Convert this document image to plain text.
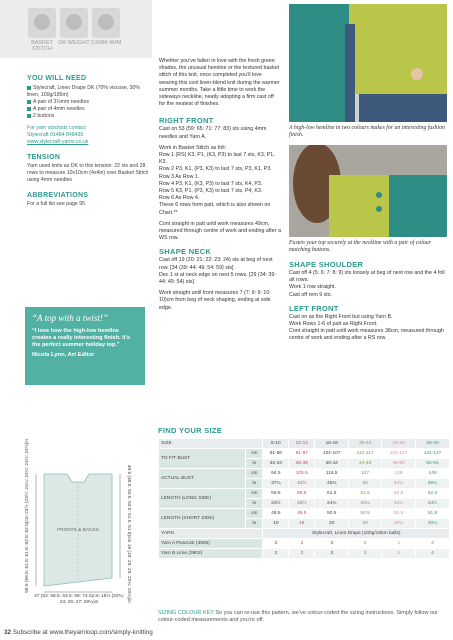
BASKET STITCH
DK WEIGHT 3.5MM 4MM
YOU WILL NEED
Stylecraft, Linen Drape DK (70% viscose, 30% linen, 100g/185m)
A pair of 3½mm needles
A pair of 4mm needles
2 buttons
For yarn stockists contact
Stylecraft 01484 848435
www.stylecraft-yarns.co.uk
TENSION
Yarn used knits as DK to this tension: 22 sts and 28 rows to measure 10x10cm (4x4in) over Basket Stitch using 4mm needles
ABBREVIATIONS
For a full list see page 95
“A top with a twist!”
“I love how the high-low hemline creates a really interesting finish. It’s the perfect summer holiday top.”
Nicola Lynn, Art Editor
FRONTS & BACKS
59.5 (59.5: 61.5: 61.5: 62.5: 62.5)cm 23½ (23½: 24¼: 24¼: 24½: 24½)in	48.5 (48.5: 50.5: 50.5: 51.5: 51.5)cm 19 (19: 20: 20: 20¼: 20¼)in
47 (53: 58.5: 63.5: 69: 74.5)cm 18½ (20¾: 23: 25: 27: 29¼)in
Whether you’ve fallen in love with the fresh green shades, the unusual hemline or the textured basket stitch of this knit, once completed you’ll love wearing this cool linen-blend knit during the warmer summer months. Take a little time to work the sideways neckline, neatly adopting a firm cast off for the neatest of finishes.
RIGHT FRONT
Cast on 53 (59: 65: 71: 77: 83) sts using 4mm needles and Yarn A.
Work in Basket Stitch as foll:
Row 1 (RS) K3, P1, (K3, P3) to last 7 sts, K3, P1, K3.
Row 2 P3, K1, (P3, K3) to last 7 sts, P3, K1, P3.
Row 3 As Row 1.
Row 4 P3, K1, (K3, P3) to last 7 sts, K4, P3.
Row 5 K3, P1, (P3, K3) to last 7 sts, P4, K3.
Row 6 As Row 4.
These 6 rows form patt, which is also shown on Chart.**
Cont straight in patt until work measures 49cm, measured through centre of work and ending after a WS row.
SHAPE NECK
Cast off 19 (20: 21: 22: 23: 24) sts at beg of next row. [34 (39: 44: 49: 54: 59) sts]
Dec 1 st at neck edge on next 5 rows. [29 (34: 39: 44: 49: 54) sts]
Work straight until front measures 7 (7: 9: 9: 10: 10)cm from beg of neck shaping, ending at side edge.
A high-low hemline in two colours makes for an interesting fashion finish.
Fasten your top securely at the neckline with a pair of colour matching buttons.
SHAPE SHOULDER
Cast off 4 (5: 6: 7: 8: 9) sts loosely at beg of next row and the 4 foll alt rows.
Work 1 row straight.
Cast off rem 9 sts.
LEFT FRONT
Cast on as the Right Front but using Yarn B.
Work Rows 1-6 of patt as Right Front.
Cont straight in patt until work measures 38cm, measured through centre of work and ending after a RS row.
FIND YOUR SIZE
SIZE		8-10	12-14	16-18	20-22	24-26	28-30
TO FIT BUST	cm	81-86	91-97	102-107	112-117	122-127	132-137
	in	32-34	36-38	40-42	44-46	48-50	52-54
ACTUAL BUST	cm	94.5	105.5	116.5	127	138	149
	in	37¼	41½	45¾	50	54¼	58¾
LENGTH (LONG SIDE)	cm	59.5	59.5	61.5	61.5	62.5	62.5
	in	23½	23½	24¼	24¼	24½	24½
LENGTH (SHORT SIDE)	cm	48.5	48.5	50.5	50.5	51.5	51.5
	in	19	19	20	20	20¼	20¼
YARN		Stylecraft, Linen Drape (100g/185m balls)					
Yarn A Peacock (3905)		2	3	3	3	4	4
Yarn B Lime (3902)		2	3	3	3	4	4
SIZING COLOUR KEY So you can re-use this pattern, we’ve colour-coded the sizing instructions. Simply follow our colour-coded measurements and you’re off.
32 Subscribe at www.theyarnloop.com/simply-knitting
